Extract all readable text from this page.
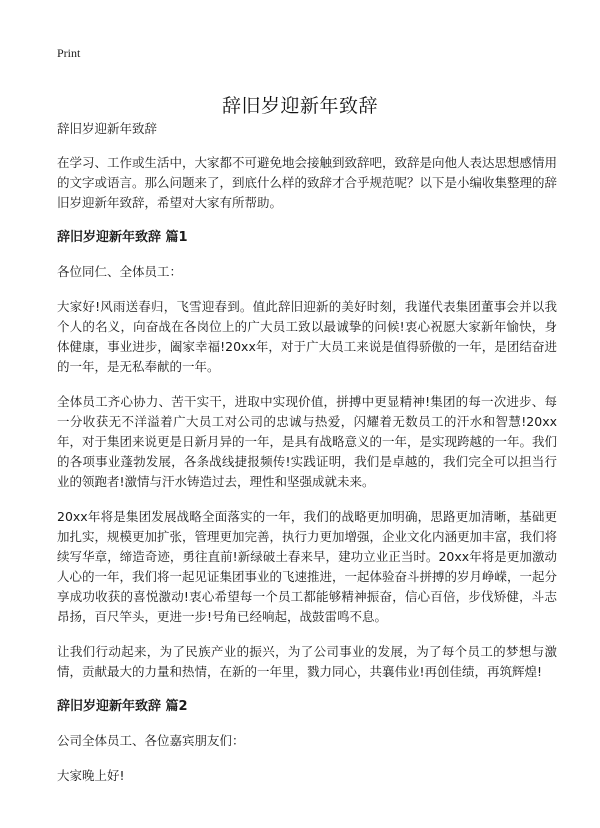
Print
辞旧岁迎新年致辞

辞旧岁迎新年致辞

在学习、工作或生活中，大家都不可避免地会接触到致辞吧，致辞是向他人表达思想感情用的文字或语言。那么问题来了，到底什么样的致辞才合乎规范呢？以下是小编收集整理的辞旧岁迎新年致辞，希望对大家有所帮助。

辞旧岁迎新年致辞 篇1

各位同仁、全体员工：

大家好!风雨送春归，飞雪迎春到。值此辞旧迎新的美好时刻，我谨代表集团董事会并以我个人的名义，向奋战在各岗位上的广大员工致以最诚挚的问候!衷心祝愿大家新年愉快，身体健康，事业进步，阖家幸福!20xx年，对于广大员工来说是值得骄傲的一年，是团结奋进的一年，是无私奉献的一年。

全体员工齐心协力、苦干实干，进取中实现价值，拼搏中更显精神!集团的每一次进步、每一分收获无不洋溢着广大员工对公司的忠诚与热爱，闪耀着无数员工的汗水和智慧!20xx年，对于集团来说更是日新月异的一年，是具有战略意义的一年，是实现跨越的一年。我们的各项事业蓬勃发展，各条战线捷报频传!实践证明，我们是卓越的，我们完全可以担当行业的领跑者!激情与汗水铸造过去，理性和坚强成就未来。

20xx年将是集团发展战略全面落实的一年，我们的战略更加明确，思路更加清晰，基础更加扎实，规模更加扩张，管理更加完善，执行力更加增强，企业文化内涵更加丰富，我们将续写华章，缔造奇迹，勇往直前!新绿破土春来早，建功立业正当时。20xx年将是更加激动人心的一年，我们将一起见证集团事业的飞速推进，一起体验奋斗拼搏的岁月峥嵘，一起分享成功收获的喜悦激动!衷心希望每一个员工都能够精神振奋，信心百倍，步伐矫健，斗志昂扬，百尺竿头，更进一步!号角已经响起，战鼓雷鸣不息。

让我们行动起来，为了民族产业的振兴，为了公司事业的发展，为了每个员工的梦想与激情，贡献最大的力量和热情，在新的一年里，戮力同心，共襄伟业!再创佳绩，再筑辉煌!

辞旧岁迎新年致辞 篇2

公司全体员工、各位嘉宾朋友们：

大家晚上好!
